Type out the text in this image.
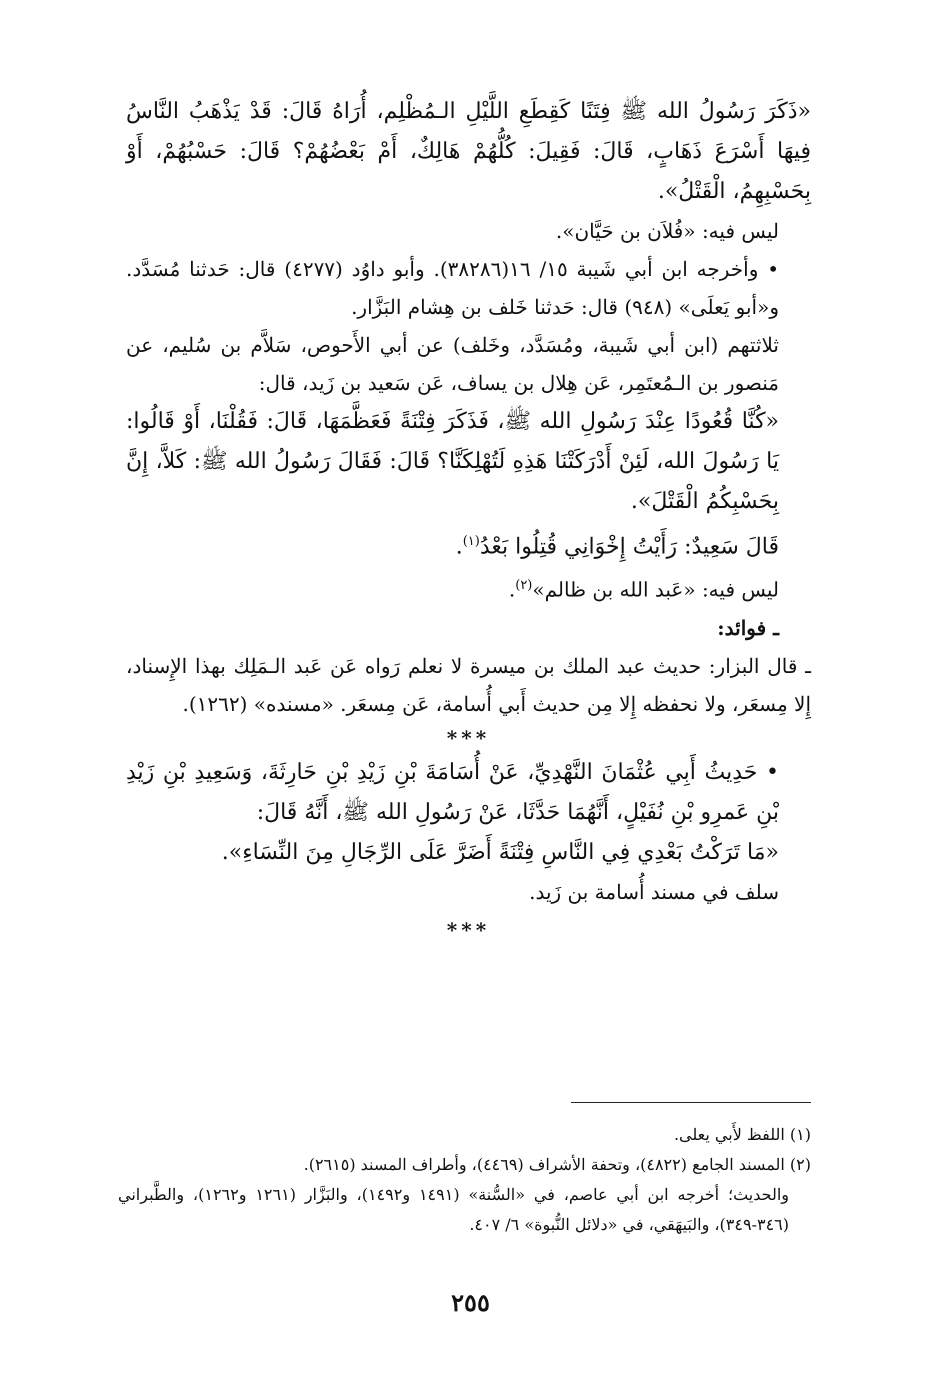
«ذَكَرَ رَسُولُ الله ﷺ فِتَنًا كَقِطَعِ اللَّيْلِ الـمُظْلِم، أُرَاهُ قَالَ: قَدْ يَذْهَبُ النَّاسُ فِيهَا أَسْرَعَ ذَهَابٍ، قَالَ: فَقِيلَ: كُلُّهُمْ هَالِكٌ، أَمْ بَعْضُهُمْ؟ قَالَ: حَسْبُهُمْ، أَوْ بِحَسْبِهِمُ، الْقَتْلُ».

ليس فيه: «فُلاَن بن حَيَّان».

• وأخرجه ابن أبي شَيبة ١٥/ ١٦(٣٨٢٨٦). وأبو داوُد (٤٢٧٧) قال: حَدثنا مُسَدَّد. و«أبو يَعلَى» (٩٤٨) قال: حَدثنا خَلف بن هِشام البَزَّار.

ثلاثتهم (ابن أبي شَيبة، ومُسَدَّد، وخَلف) عن أبي الأَحوص، سَلاَّم بن سُليم، عن مَنصور بن الـمُعتَمِر، عَن هِلال بن يساف، عَن سَعيد بن زَيد، قال:

«كُنَّا قُعُودًا عِنْدَ رَسُولِ الله ﷺ، فَذَكَرَ فِتْنَةً فَعَظَّمَهَا، قَالَ: فَقُلْنَا، أَوْ قَالُوا: يَا رَسُولَ الله، لَئِنْ أَدْرَكَتْنَا هَذِهِ لَتُهْلِكَنَّا؟ قَالَ: فَقَالَ رَسُولُ الله ﷺ: كَلاَّ، إِنَّ بِحَسْبِكُمُ الْقَتْلَ».

قَالَ سَعِيدٌ: رَأَيْتُ إِخْوَانِي قُتِلُوا بَعْدُ$^{(١)}$.

ليس فيه: «عَبد الله بن ظالم»$^{(٢)}$.

ـ فوائد:

ـ قال البزار: حديث عبد الملك بن ميسرة لا نعلم رَواه عَن عَبد الـمَلِك بهذا الإِسناد، إِلا مِسعَر، ولا نحفظه إِلا مِن حديث أَبي أُسامة، عَن مِسعَر. «مسنده» (١٢٦٢).

***

• حَدِيثُ أَبِي عُثْمَانَ النَّهْدِيِّ، عَنْ أُسَامَةَ بْنِ زَيْدِ بْنِ حَارِثَةَ، وَسَعِيدِ بْنِ زَيْدِ بْنِ عَمرِو بْنِ نُفَيْلٍ، أَنَّهُمَا حَدَّثَا، عَنْ رَسُولِ الله ﷺ، أَنَّهُ قَالَ:

«مَا تَرَكْتُ بَعْدِي فِي النَّاسِ فِتْنَةً أَضَرَّ عَلَى الرِّجَالِ مِنَ النِّسَاءِ».

سلف في مسند أُسامة بن زَيد.

***

(١) اللفظ لأَبي يعلى.

(٢) المسند الجامع (٤٨٢٢)، وتحفة الأشراف (٤٤٦٩)، وأطراف المسند (٢٦١٥).

والحديث؛ أخرجه ابن أبي عاصم، في «السُّنة» (١٤٩١ و١٤٩٢)، والبَزَّار (١٢٦١ و١٢٦٢)، والطَّبراني (٣٤٦-٣٤٩)، والبَيهَقي، في «دلائل النُّبوة» ٦/ ٤٠٧.

٢٥٥
